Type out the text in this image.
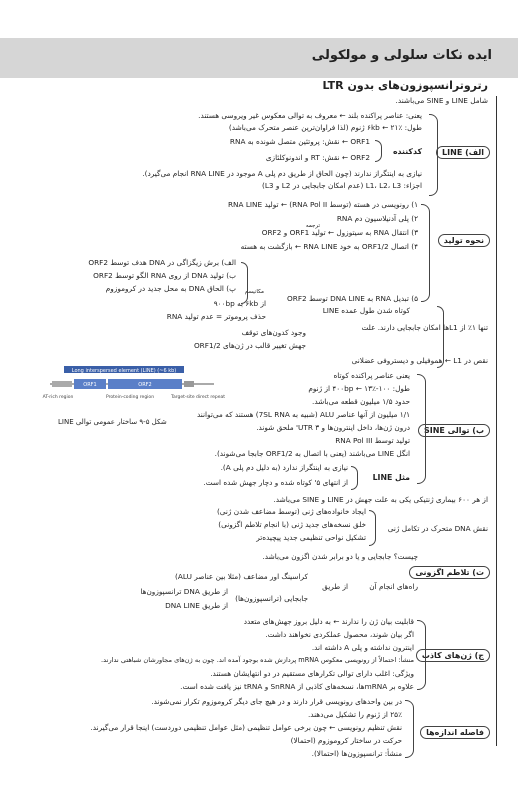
ایده نکات سلولی و مولکولی
رتروترانسپوزون‌های بدون LTR
شامل LINE و SINE می‌باشند.
الف) LINE
یعنی: عناصر پراکنده بلند ← معروف به توالی معکوس غیر ویروسی هستند.
طول: ۶kb ← ۲۱٪ ژنوم (لذا فراوان‌ترین عنصر متحرک می‌باشد)
کدکننده
ORF1 ← نقش: پروتئین متصل شونده به RNA
ORF2 ← نقش: RT و اندونوکلئازی
نیازی به اینتگراز ندارند (چون الحاق از طریق دم پلی A موجود در RNA LINE انجام می‌گیرد).
اجزاء: L1، L2، L3 (عدم امکان جابجایی در L2 و L3)
نحوه تولید
۱) رونویسی در هسته (توسط RNA Pol II) ← تولید RNA LINE
۲) پلی آدنیلاسیون دم RNA
۳) انتقال RNA به سیتوزول ← تولید ORF1 و ORF2
ترجمه
۴) اتصال ORF1/2 به خود RNA LINE ← بازگشت به هسته
۵) تبدیل RNA به DNA LINE توسط ORF2
مکانیسم
الف) برش زیگزاگی در DNA هدف توسط ORF2
ب) تولید DNA از روی RNA الگو توسط ORF2
پ) الحاق DNA به محل جدید در کروموزوم
کوتاه شدن طول عمده LINE
از ۶kb به ۹۰۰bp
حذف پروموتر = عدم تولید RNA
تنها ۱٪ از L1ها امکان جابجایی دارند. علت
وجود کدون‌های توقف
جهش تغییر قالب در ژن‌های ORF1/2
نقص در L1 ← هموفیلی و دیستروفی عضلانی
ب) توالی SINE
یعنی عناصر پراکنده کوتاه
طول: ۱۰۰-۴۰۰bp ← ۱۳٪ از ژنوم
حدود ۱/۵ میلیون قطعه می‌باشد.
۱/۱ میلیون از آنها عناصر ALU (شبیه به 7SL RNA) هستند که می‌توانند
درون ژن‌ها، داخل اینترون‌ها و UTR ۳' ملحق شوند.
تولید توسط RNA Pol III
انگل LINE می‌باشند (یعنی با اتصال به ORF1/2 جابجا می‌شوند).
مثل LINE
نیازی به اینتگراز ندارد (به دلیل دم پلی A).
از انتهای ۵' کوتاه شده و دچار جهش شده است.
Long interspersed element (LINE) (~6 kb)
ORF1	ORF2
AT-rich region	Protein-coding region	Target-site direct repeat
شکل ۵-۹ ساختار عمومی توالی LINE
از هر ۶۰۰ بیماری ژنتیکی یکی به علت جهش در LINE و SINE می‌باشد.
نقش DNA متحرک در تکامل ژنی
ایجاد خانواده‌های ژنی (توسط مضاعف شدن ژنی)
خلق نسخه‌های جدید ژنی (با انجام تلاطم اگزونی)
تشکیل نواحی تنظیمی جدید پیچیده‌تر
ت) تلاطم اگزونی
چیست؟ جابجایی و یا دو برابر شدن اگزون می‌باشد.
راه‌های انجام آن
از طریق
کراسینگ اور مضاعف (مثلا بین عناصر ALU)
جابجایی (ترانسپوزون‌ها)
از طریق DNA ترانسپوزون‌ها
از طریق DNA LINE
ج) ژن‌های کاذب
قابلیت بیان ژن را ندارند ← به دلیل بروز جهش‌های متعدد
اگر بیان شوند، محصول عملکردی نخواهند داشت.
اینترون نداشته و پلی A داشته اند.
منشأ: احتمالاً از رونویسی معکوس mRNA پردازش شده بوجود آمده اند. چون به ژن‌های مجاورشان شباهتی ندارند.
ویژگی: اغلب دارای توالی تکرارهای مستقیم در دو انتهایشان هستند.
علاوه بر mRNAها، نسخه‌های کاذبی از SnRNA و tRNA نیز یافت شده است.
فاصله اندازه‌ها
در بین واحدهای رونویسی قرار دارند و در هیچ جای دیگر کروموزوم تکرار نمی‌شوند.
۲۵٪ از ژنوم را تشکیل می‌دهند.
نقش تنظیم رونویسی ← چون برخی عوامل تنظیمی (مثل عوامل تنظیمی دوردست) اینجا قرار می‌گیرند.
حرکت در ساختار کروموزوم (احتمالا)
منشأ: ترانسپوزون‌ها (احتمالا).
